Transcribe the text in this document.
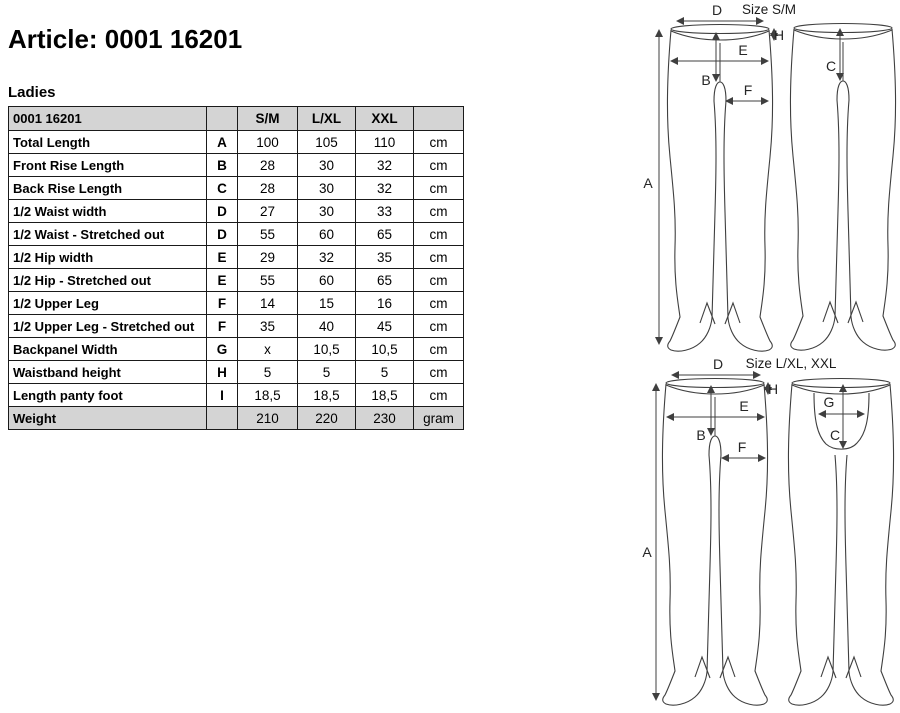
Article: 0001 16201
Ladies
0001 16201		S/M	L/XL	XXL	
Total Length	A	100	105	110	cm
Front Rise Length	B	28	30	32	cm
Back Rise Length	C	28	30	32	cm
1/2 Waist width	D	27	30	33	cm
1/2 Waist - Stretched out	D	55	60	65	cm
1/2 Hip width	E	29	32	35	cm
1/2 Hip - Stretched out	E	55	60	65	cm
1/2 Upper Leg	F	14	15	16	cm
1/2 Upper Leg - Stretched out	F	35	40	45	cm
Backpanel Width	G	x	10,5	10,5	cm
Waistband height	H	5	5	5	cm
Length panty foot	I	18,5	18,5	18,5	cm
Weight		210	220	230	gram
Size S/M
Size L/XL, XXL
A
D
H
E
B
F
C
A
D
H
E
B
F
G
C
